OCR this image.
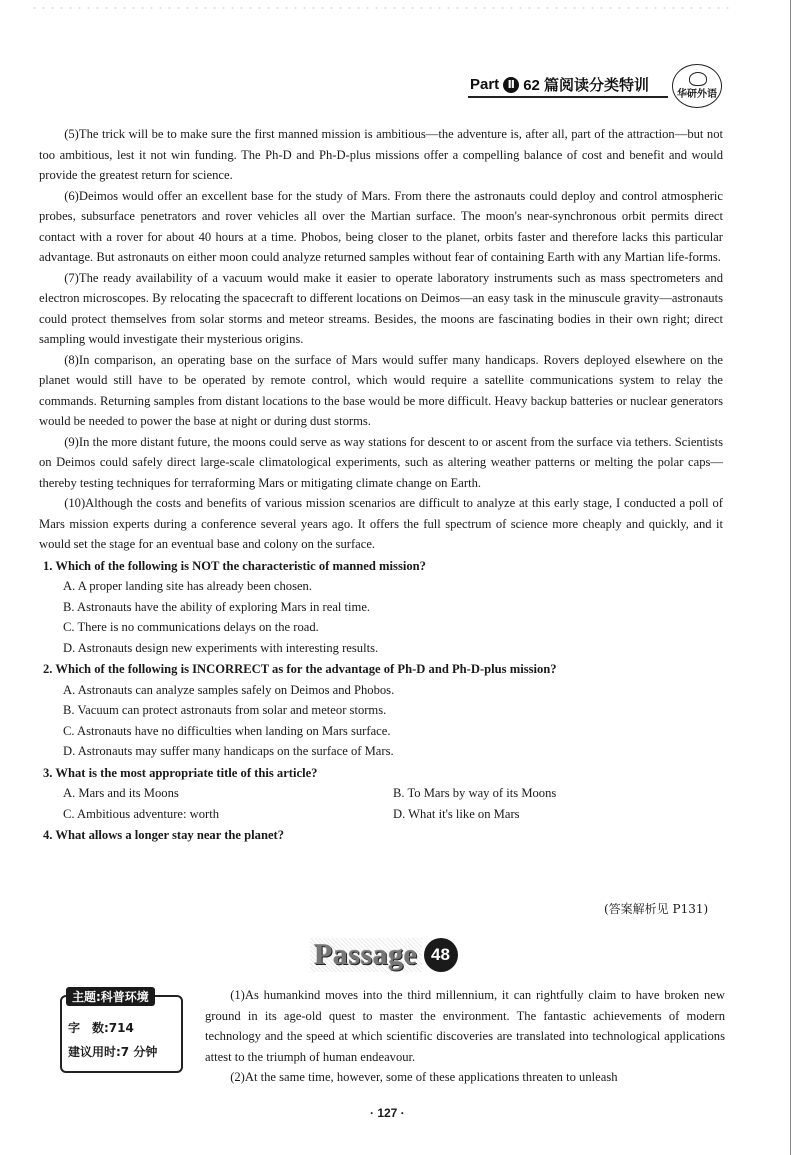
Part Ⅱ 62 篇阅读分类特训
华研外语

(5)The trick will be to make sure the first manned mission is ambitious—the adventure is, after all, part of the attraction—but not too ambitious, lest it not win funding. The Ph-D and Ph-D-plus missions offer a compelling balance of cost and benefit and would provide the greatest return for science.

(6)Deimos would offer an excellent base for the study of Mars. From there the astronauts could deploy and control atmospheric probes, subsurface penetrators and rover vehicles all over the Martian surface. The moon's near-synchronous orbit permits direct contact with a rover for about 40 hours at a time. Phobos, being closer to the planet, orbits faster and therefore lacks this particular advantage. But astronauts on either moon could analyze returned samples without fear of containing Earth with any Martian life-forms.

(7)The ready availability of a vacuum would make it easier to operate laboratory instruments such as mass spectrometers and electron microscopes. By relocating the spacecraft to different locations on Deimos—an easy task in the minuscule gravity—astronauts could protect themselves from solar storms and meteor streams. Besides, the moons are fascinating bodies in their own right; direct sampling would investigate their mysterious origins.

(8)In comparison, an operating base on the surface of Mars would suffer many handicaps. Rovers deployed elsewhere on the planet would still have to be operated by remote control, which would require a satellite communications system to relay the commands. Returning samples from distant locations to the base would be more difficult. Heavy backup batteries or nuclear generators would be needed to power the base at night or during dust storms.

(9)In the more distant future, the moons could serve as way stations for descent to or ascent from the surface via tethers. Scientists on Deimos could safely direct large-scale climatological experiments, such as altering weather patterns or melting the polar caps—thereby testing techniques for terraforming Mars or mitigating climate change on Earth.

(10)Although the costs and benefits of various mission scenarios are difficult to analyze at this early stage, I conducted a poll of Mars mission experts during a conference several years ago. It offers the full spectrum of science more cheaply and quickly, and it would set the stage for an eventual base and colony on the surface.

1. Which of the following is NOT the characteristic of manned mission?
A. A proper landing site has already been chosen.
B. Astronauts have the ability of exploring Mars in real time.
C. There is no communications delays on the road.
D. Astronauts design new experiments with interesting results.
2. Which of the following is INCORRECT as for the advantage of Ph-D and Ph-D-plus mission?
A. Astronauts can analyze samples safely on Deimos and Phobos.
B. Vacuum can protect astronauts from solar and meteor storms.
C. Astronauts have no difficulties when landing on Mars surface.
D. Astronauts may suffer many handicaps on the surface of Mars.
3. What is the most appropriate title of this article?
A. Mars and its Moons	B. To Mars by way of its Moons
C. Ambitious adventure: worth	D. What it's like on Mars
4. What allows a longer stay near the planet?
(答案解析见 P131)
Passage 48
主题:科普环境
字　数:714
建议用时:7 分钟

(1)As humankind moves into the third millennium, it can rightfully claim to have broken new ground in its age-old quest to master the environment. The fantastic achievements of modern technology and the speed at which scientific discoveries are translated into technological applications attest to the triumph of human endeavour.

(2)At the same time, however, some of these applications threaten to unleash

· 127 ·
